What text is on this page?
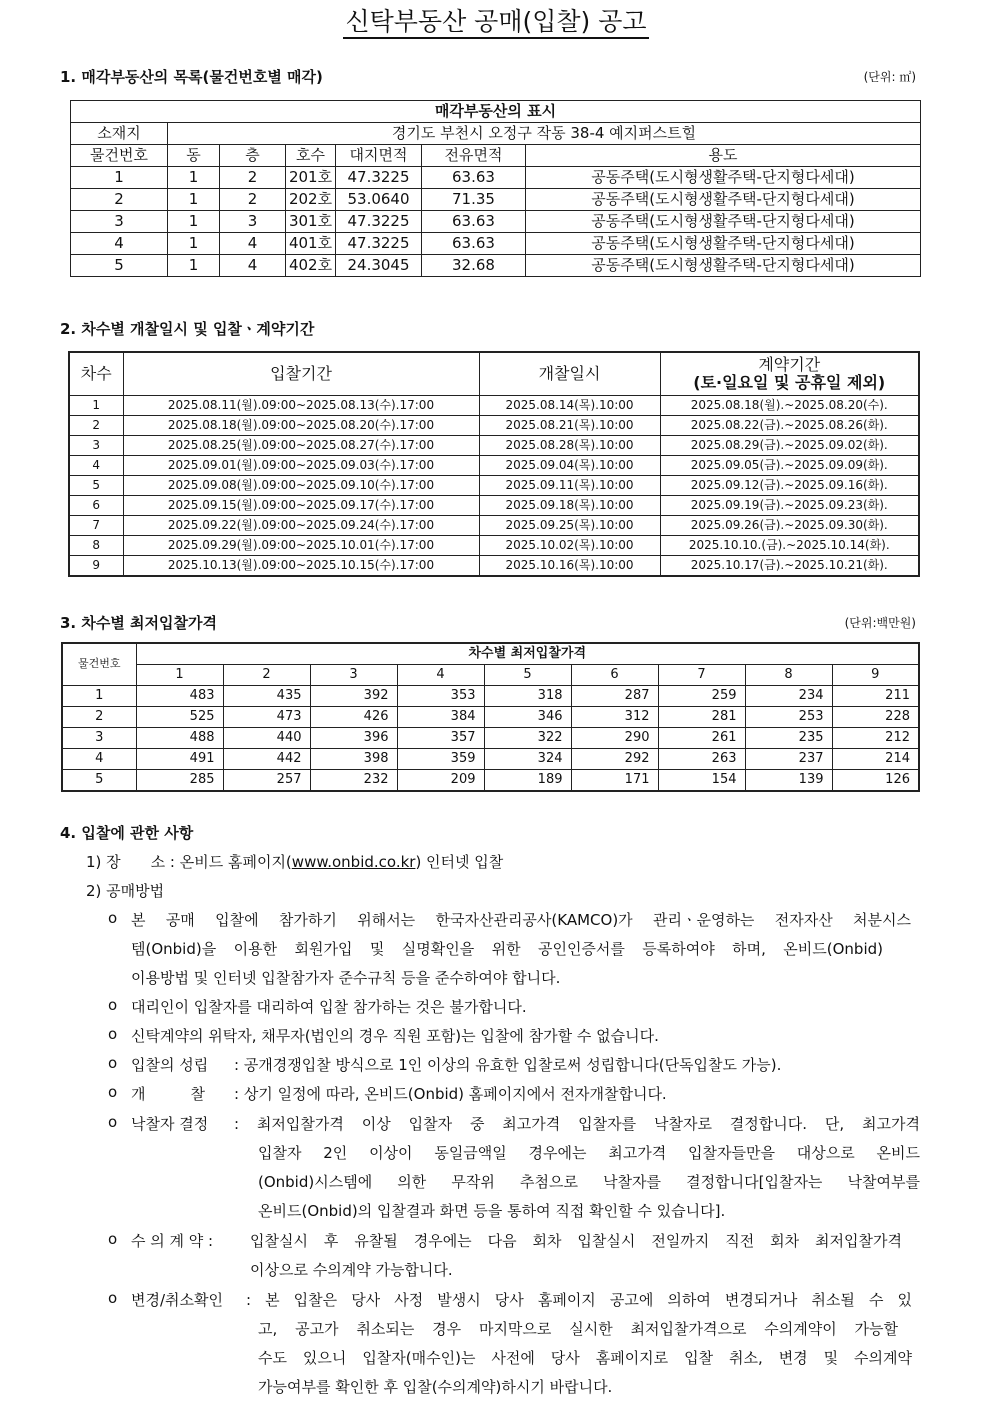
신탁부동산 공매(입찰) 공고
1. 매각부동산의 목록(물건번호별 매각)	(단위: ㎡)
매각부동산의 표시						
소재지	경기도 부천시 오정구 작동 38-4 예지퍼스트힐					
물건번호	동	층	호수	대지면적	전유면적	용도
1	1	2	201호	47.3225	63.63	공동주택(도시형생활주택-단지형다세대)
2	1	2	202호	53.0640	71.35	공동주택(도시형생활주택-단지형다세대)
3	1	3	301호	47.3225	63.63	공동주택(도시형생활주택-단지형다세대)
4	1	4	401호	47.3225	63.63	공동주택(도시형생활주택-단지형다세대)
5	1	4	402호	24.3045	32.68	공동주택(도시형생활주택-단지형다세대)
2. 차수별 개찰일시 및 입찰ㆍ계약기간
차수	입찰기간	개찰일시	계약기간
(토·일요일 및 공휴일 제외)

1	2025.08.11(월).09:00~2025.08.13(수).17:00	2025.08.14(목).10:00	2025.08.18(월).~2025.08.20(수).
2	2025.08.18(월).09:00~2025.08.20(수).17:00	2025.08.21(목).10:00	2025.08.22(금).~2025.08.26(화).
3	2025.08.25(월).09:00~2025.08.27(수).17:00	2025.08.28(목).10:00	2025.08.29(금).~2025.09.02(화).
4	2025.09.01(월).09:00~2025.09.03(수).17:00	2025.09.04(목).10:00	2025.09.05(금).~2025.09.09(화).
5	2025.09.08(월).09:00~2025.09.10(수).17:00	2025.09.11(목).10:00	2025.09.12(금).~2025.09.16(화).
6	2025.09.15(월).09:00~2025.09.17(수).17:00	2025.09.18(목).10:00	2025.09.19(금).~2025.09.23(화).
7	2025.09.22(월).09:00~2025.09.24(수).17:00	2025.09.25(목).10:00	2025.09.26(금).~2025.09.30(화).
8	2025.09.29(월).09:00~2025.10.01(수).17:00	2025.10.02(목).10:00	2025.10.10.(금).~2025.10.14(화).
9	2025.10.13(월).09:00~2025.10.15(수).17:00	2025.10.16(목).10:00	2025.10.17(금).~2025.10.21(화).
3. 차수별 최저입찰가격	(단위:백만원)
물건번호	차수별 최저입찰가격								
	1	2	3	4	5	6	7	8	9
1	483	435	392	353	318	287	259	234	211
2	525	473	426	384	346	312	281	253	228
3	488	440	396	357	322	290	261	235	212
4	491	442	398	359	324	292	263	237	214
5	285	257	232	209	189	171	154	139	126
4. 입찰에 관한 사항
1) 장　　소 : 온비드 홈페이지(www.onbid.co.kr) 인터넷 입찰
2) 공매방법
ο 본 공매 입찰에 참가하기 위해서는 한국자산관리공사(KAMCO)가 관리ㆍ운영하는 전자자산 처분시스
템(Onbid)을 이용한 회원가입 및 실명확인을 위한 공인인증서를 등록하여야 하며, 온비드(Onbid)
이용방법 및 인터넷 입찰참가자 준수규칙 등을 준수하여야 합니다.
ο 대리인이 입찰자를 대리하여 입찰 참가하는 것은 불가합니다.
ο 신탁계약의 위탁자, 채무자(법인의 경우 직원 포함)는 입찰에 참가할 수 없습니다.
ο 입찰의 성립 : 공개경쟁입찰 방식으로 1인 이상의 유효한 입찰로써 성립합니다(단독입찰도 가능).
ο 개　　　찰 : 상기 일정에 따라, 온비드(Onbid) 홈페이지에서 전자개찰합니다.
ο 낙찰자 결정 : 최저입찰가격 이상 입찰자 중 최고가격 입찰자를 낙찰자로 결정합니다. 단, 최고가격
입찰자 2인 이상이 동일금액일 경우에는 최고가격 입찰자들만을 대상으로 온비드
(Onbid)시스템에 의한 무작위 추첨으로 낙찰자를 결정합니다[입찰자는 낙찰여부를
온비드(Onbid)의 입찰결과 화면 등을 통하여 직접 확인할 수 있습니다].
ο 수 의 계 약 : 입찰실시 후 유찰될 경우에는 다음 회차 입찰실시 전일까지 직전 회차 최저입찰가격
이상으로 수의계약 가능합니다.
ο 변경/취소확인 : 본 입찰은 당사 사정 발생시 당사 홈페이지 공고에 의하여 변경되거나 취소될 수 있
고, 공고가 취소되는 경우 마지막으로 실시한 최저입찰가격으로 수의계약이 가능할
수도 있으니 입찰자(매수인)는 사전에 당사 홈페이지로 입찰 취소, 변경 및 수의계약
가능여부를 확인한 후 입찰(수의계약)하시기 바랍니다.
